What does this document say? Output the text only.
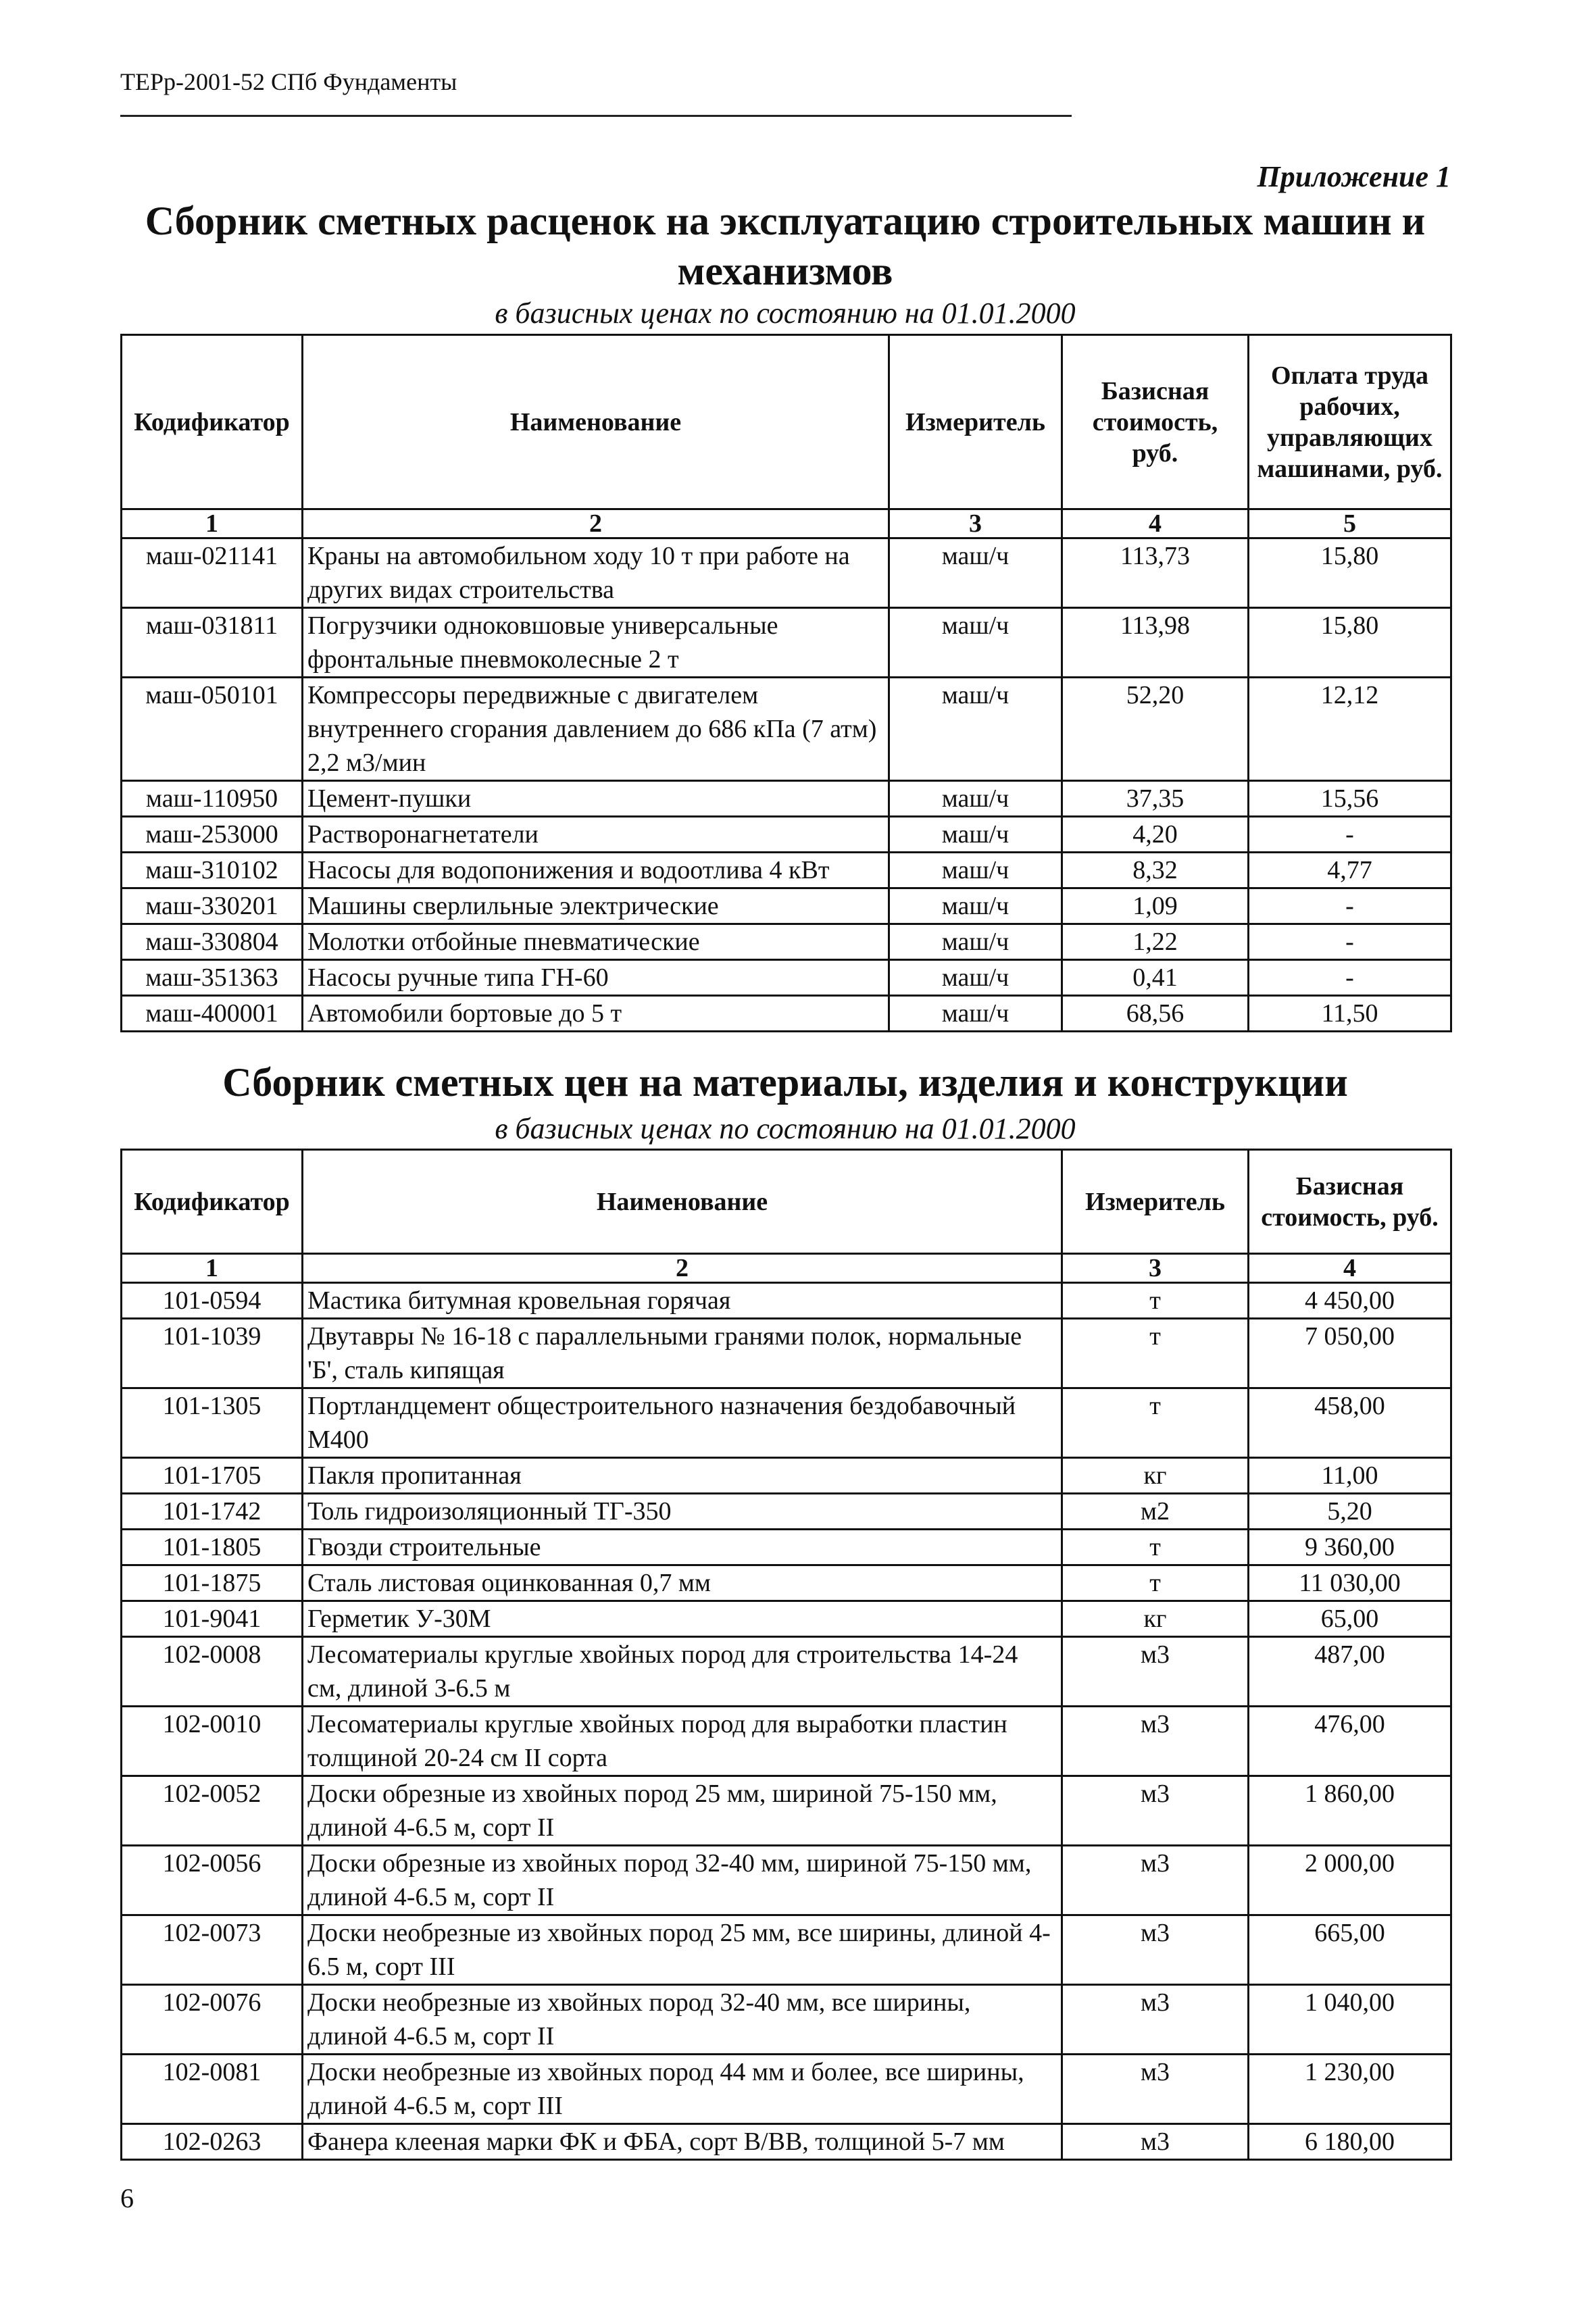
ТЕРр-2001-52 СПб Фундаменты
Приложение 1
Сборник сметных расценок на эксплуатацию строительных машин и
механизмов
в базисных ценах по состоянию на 01.01.2000
Кодификатор	Наименование	Измеритель	Базисная стоимость, руб.	Оплата труда рабочих, управляющих машинами, руб.
1	2	3	4	5
маш-021141	Краны на автомобильном ходу 10 т при работе на других видах строительства	маш/ч	113,73	15,80
маш-031811	Погрузчики одноковшовые универсальные фронтальные пневмоколесные 2 т	маш/ч	113,98	15,80
маш-050101	Компрессоры передвижные с двигателем внутреннего сгорания давлением до 686 кПа (7 атм) 2,2 м3/мин	маш/ч	52,20	12,12
маш-110950	Цемент-пушки	маш/ч	37,35	15,56
маш-253000	Растворонагнетатели	маш/ч	4,20	-
маш-310102	Насосы для водопонижения и водоотлива 4 кВт	маш/ч	8,32	4,77
маш-330201	Машины сверлильные электрические	маш/ч	1,09	-
маш-330804	Молотки отбойные пневматические	маш/ч	1,22	-
маш-351363	Насосы ручные типа ГН-60	маш/ч	0,41	-
маш-400001	Автомобили бортовые до 5 т	маш/ч	68,56	11,50
Сборник сметных цен на материалы, изделия и конструкции
в базисных ценах по состоянию на 01.01.2000
Кодификатор	Наименование	Измеритель	Базисная стоимость, руб.
1	2	3	4
101-0594	Мастика битумная кровельная горячая	т	4 450,00
101-1039	Двутавры № 16-18 с параллельными гранями полок, нормальные 'Б', сталь кипящая	т	7 050,00
101-1305	Портландцемент общестроительного назначения бездобавочный М400	т	458,00
101-1705	Пакля пропитанная	кг	11,00
101-1742	Толь гидроизоляционный ТГ-350	м2	5,20
101-1805	Гвозди строительные	т	9 360,00
101-1875	Сталь листовая оцинкованная 0,7 мм	т	11 030,00
101-9041	Герметик У-30М	кг	65,00
102-0008	Лесоматериалы круглые хвойных пород для строительства 14-24 см, длиной 3-6.5 м	м3	487,00
102-0010	Лесоматериалы круглые хвойных пород для выработки пластин толщиной 20-24 см II сорта	м3	476,00
102-0052	Доски обрезные из хвойных пород 25 мм, шириной 75-150 мм, длиной 4-6.5 м, сорт II	м3	1 860,00
102-0056	Доски обрезные из хвойных пород 32-40 мм, шириной 75-150 мм, длиной 4-6.5 м, сорт II	м3	2 000,00
102-0073	Доски необрезные из хвойных пород 25 мм, все ширины, длиной 4-6.5 м, сорт III	м3	665,00
102-0076	Доски необрезные из хвойных пород 32-40 мм, все ширины, длиной 4-6.5 м, сорт II	м3	1 040,00
102-0081	Доски необрезные из хвойных пород 44 мм и более, все ширины, длиной 4-6.5 м, сорт III	м3	1 230,00
102-0263	Фанера клееная марки ФК и ФБА, сорт В/ВВ, толщиной 5-7 мм	м3	6 180,00
6
